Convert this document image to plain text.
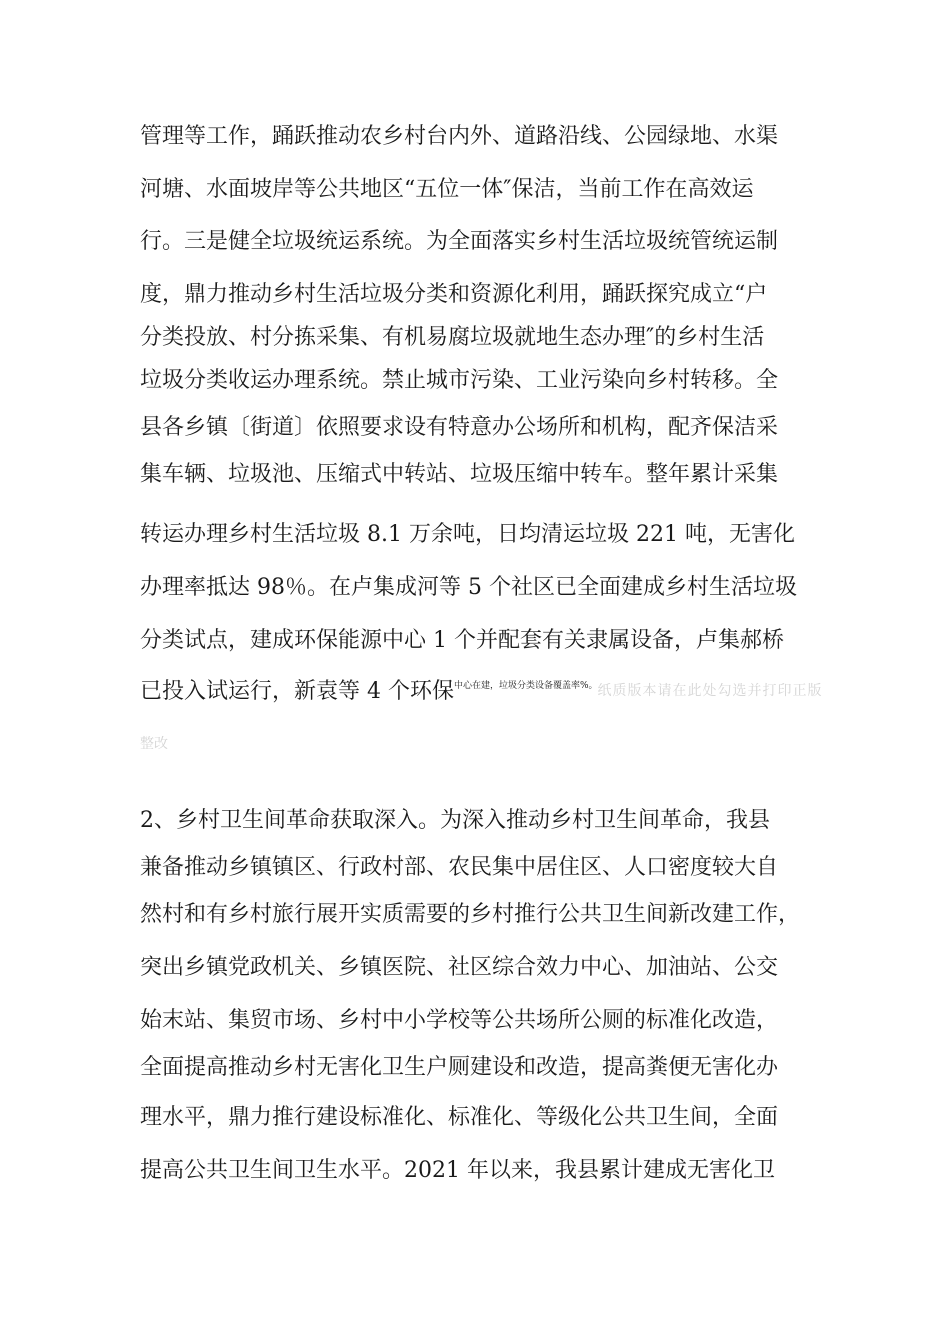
管理等工作，踊跃推动农乡村台内外、道路沿线、公园绿地、水渠
河塘、水面坡岸等公共地区“五位一体″保洁，当前工作在高效运
行。三是健全垃圾统运系统。为全面落实乡村生活垃圾统管统运制
度，鼎力推动乡村生活垃圾分类和资源化利用，踊跃探究成立“户
分类投放、村分拣采集、有机易腐垃圾就地生态办理″的乡村生活
垃圾分类收运办理系统。禁止城市污染、工业污染向乡村转移。全
县各乡镇〔街道〕依照要求设有特意办公场所和机构，配齐保洁采
集车辆、垃圾池、压缩式中转站、垃圾压缩中转车。整年累计采集
转运办理乡村生活垃圾 8.1 万余吨，日均清运垃圾 221 吨，无害化
办理率抵达 98％。在卢集成河等 5 个社区已全面建成乡村生活垃圾
分类试点，建成环保能源中心 1 个并配套有关隶属设备，卢集郝桥
已投入试运行，新袁等 4 个环保$^{中心在建,垃圾分类设备覆盖率\%。}$纸质版本请在此处勾选并打印正版
整改
2、乡村卫生间革命获取深入。为深入推动乡村卫生间革命，我县
兼备推动乡镇镇区、行政村部、农民集中居住区、人口密度较大自
然村和有乡村旅行展开实质需要的乡村推行公共卫生间新改建工作，
突出乡镇党政机关、乡镇医院、社区综合效力中心、加油站、公交
始末站、集贸市场、乡村中小学校等公共场所公厕的标准化改造，
全面提高推动乡村无害化卫生户厕建设和改造，提高粪便无害化办
理水平，鼎力推行建设标准化、标准化、等级化公共卫生间，全面
提高公共卫生间卫生水平。2021 年以来，我县累计建成无害化卫
